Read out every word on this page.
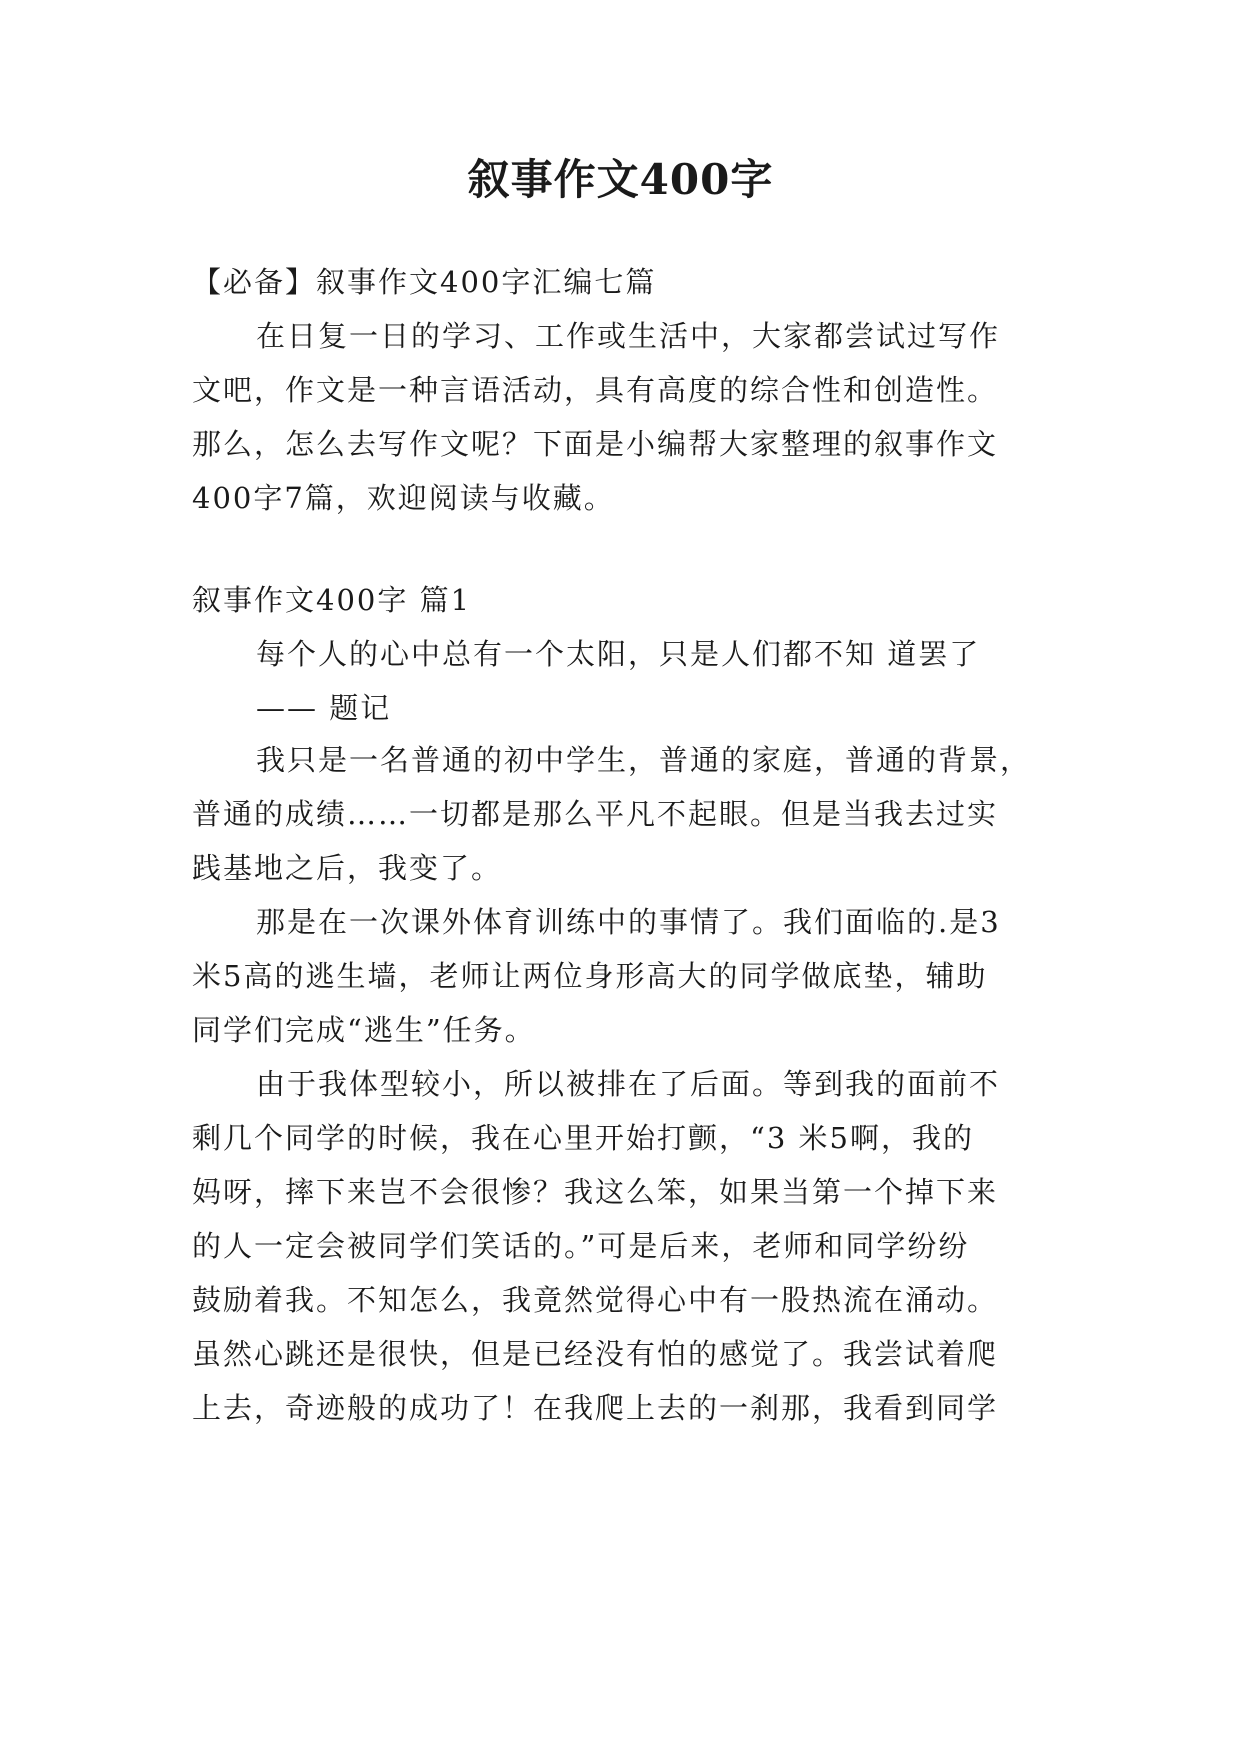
叙事作文400字
【必备】叙事作文400字汇编七篇
在日复一日的学习、工作或生活中，大家都尝试过写作
文吧，作文是一种言语活动，具有高度的综合性和创造性。
那么，怎么去写作文呢？下面是小编帮大家整理的叙事作文
400字7篇，欢迎阅读与收藏。
叙事作文400字 篇1
每个人的心中总有一个太阳，只是人们都不知 道罢了
—— 题记
我只是一名普通的初中学生，普通的家庭，普通的背景，
普通的成绩……一切都是那么平凡不起眼。但是当我去过实
践基地之后，我变了。
那是在一次课外体育训练中的事情了。我们面临的.是3
米5高的逃生墙，老师让两位身形高大的同学做底垫，辅助
同学们完成“逃生”任务。
由于我体型较小，所以被排在了后面。等到我的面前不
剩几个同学的时候，我在心里开始打颤，“3 米5啊，我的
妈呀，摔下来岂不会很惨？我这么笨，如果当第一个掉下来
的人一定会被同学们笑话的。”可是后来，老师和同学纷纷
鼓励着我。不知怎么，我竟然觉得心中有一股热流在涌动。
虽然心跳还是很快，但是已经没有怕的感觉了。我尝试着爬
上去，奇迹般的成功了！在我爬上去的一刹那，我看到同学
